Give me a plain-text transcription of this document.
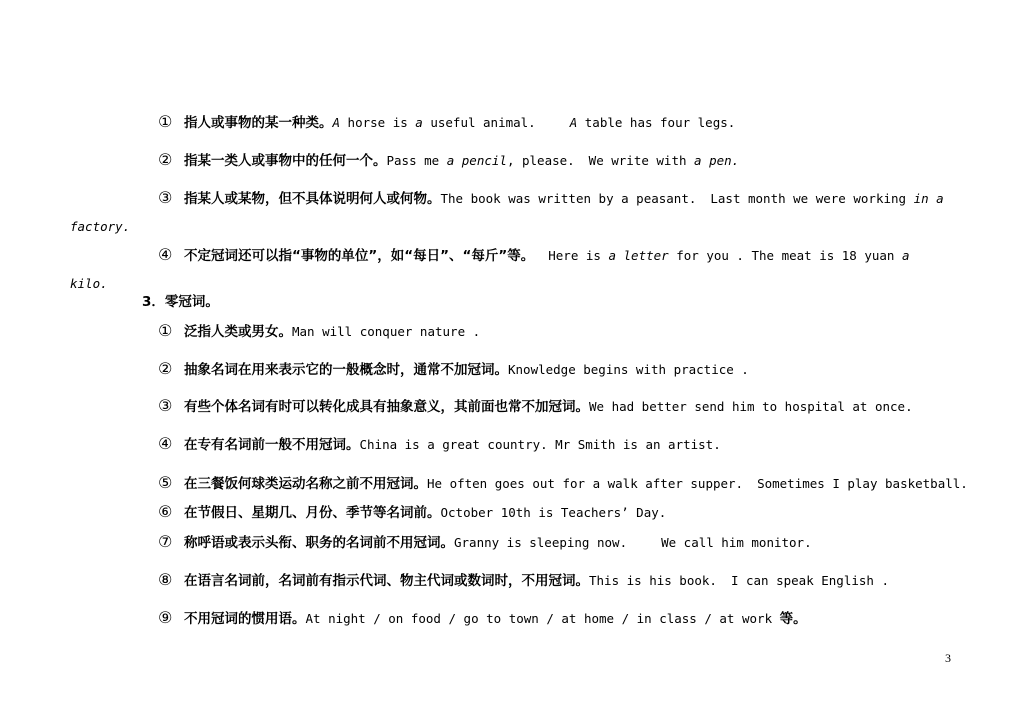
① 指人或事物的某一种类。A horse is a useful animal.	A table has four legs.
② 指某一类人或事物中的任何一个。Pass me a pencil, please. We write with a pen.
③ 指某人或某物，但不具体说明何人或何物。The book was written by a peasant. Last month we were working in a
factory.
④ 不定冠词还可以指“事物的单位”，如“每日”、“每斤”等。 Here is a letter for you . The meat is 18 yuan a
kilo.
3．零冠词。
① 泛指人类或男女。Man will conquer nature .
② 抽象名词在用来表示它的一般概念时，通常不加冠词。Knowledge begins with practice .
③ 有些个体名词有时可以转化成具有抽象意义，其前面也常不加冠词。We had better send him to hospital at once.
④ 在专有名词前一般不用冠词。China is a great country. Mr Smith is an artist.
⑤ 在三餐饭何球类运动名称之前不用冠词。He often goes out for a walk after supper. Sometimes I play basketball.
⑥ 在节假日、星期几、月份、季节等名词前。October 10th is Teachers’ Day.
⑦ 称呼语或表示头衔、职务的名词前不用冠词。Granny is sleeping now.	We call him monitor.
⑧ 在语言名词前，名词前有指示代词、物主代词或数词时，不用冠词。This is his book. I can speak English .
⑨ 不用冠词的惯用语。At night / on food / go to town / at home / in class / at work 等。
3
